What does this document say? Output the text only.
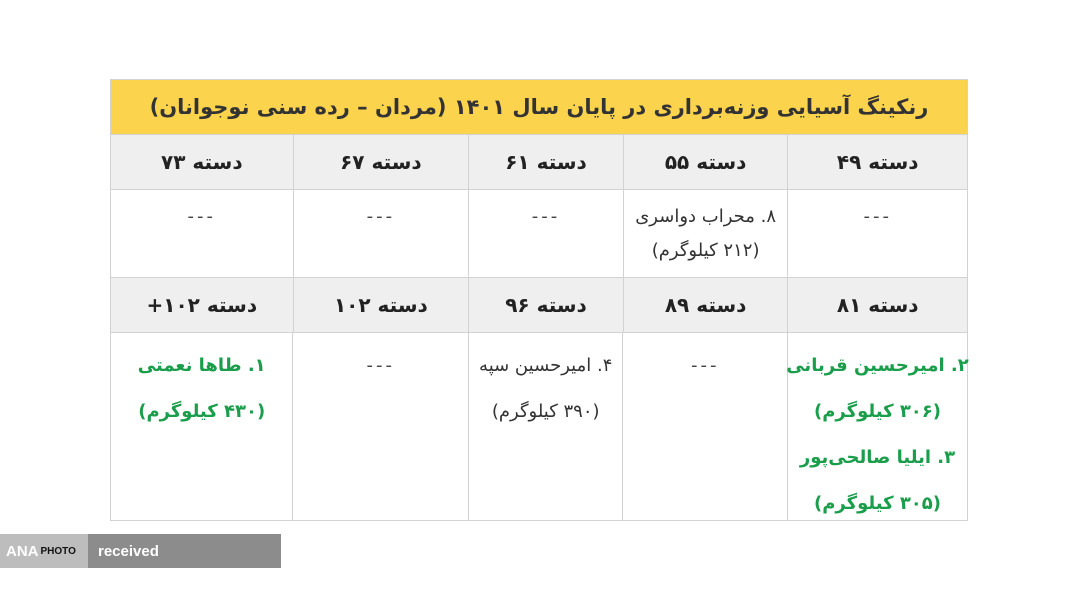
رنکینگ آسیایی وزنه‌برداری در پایان سال ۱۴۰۱ (مردان – رده سنی نوجوانان)
دسته ۴۹
دسته ۵۵
دسته ۶۱
دسته ۶۷
دسته ۷۳
---
۸. محراب دواسری
(۲۱۲ کیلوگرم)
---
---
---
دسته ۸۱
دسته ۸۹
دسته ۹۶
دسته ۱۰۲
دسته ۱۰۲+
۲. امیرحسین قربانی
(۳۰۶ کیلوگرم)
۳. ایلیا صالحی‌پور
(۳۰۵ کیلوگرم)
---
۴. امیرحسین سپه
(۳۹۰ کیلوگرم)
---
۱. طاها نعمتی
(۴۳۰ کیلوگرم)
ANA PHOTO	received
